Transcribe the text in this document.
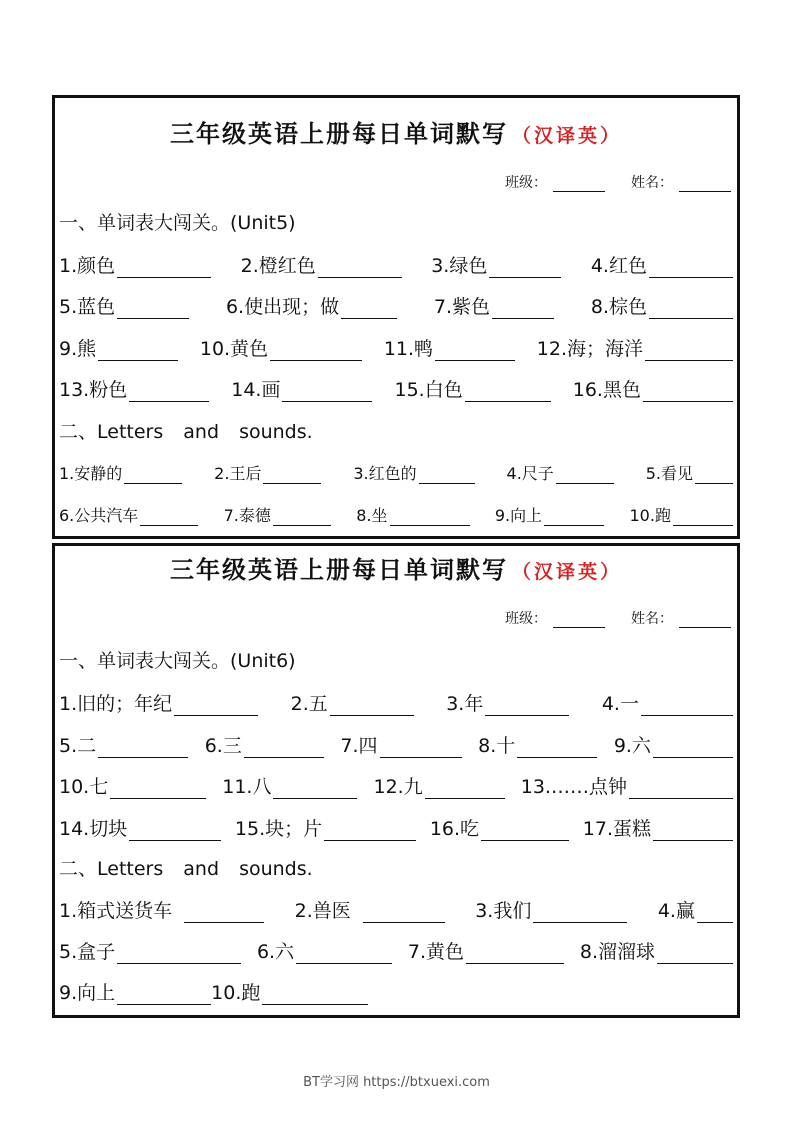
三年级英语上册每日单词默写 （汉译英）
班级：	姓名：
一、单词表大闯关。(Unit5)
1.颜色	2.橙红色	3.绿色	4.红色
5.蓝色	6.使出现；做	7.紫色	8.棕色
9.熊	10.黄色	11.鸭	12.海；海洋
13.粉色	14.画	15.白色	16.黑色
二、Letters and sounds.
1.安静的	2.王后	3.红色的	4.尺子	5.看见
6.公共汽车	7.泰德	8.坐	9.向上	10.跑
三年级英语上册每日单词默写 （汉译英）
班级：	姓名：
一、单词表大闯关。(Unit6)
1.旧的；年纪	2.五	3.年	4.一
5.二	6.三	7.四	8.十	9.六
10.七	11.八	12.九	13.……点钟
14.切块	15.块；片	16.吃	17.蛋糕
二、Letters and sounds.
1.箱式送货车	2.兽医	3.我们	4.赢
5.盒子	6.六	7.黄色	8.溜溜球
9.向上	10.跑
BT学习网 https://btxuexi.com
